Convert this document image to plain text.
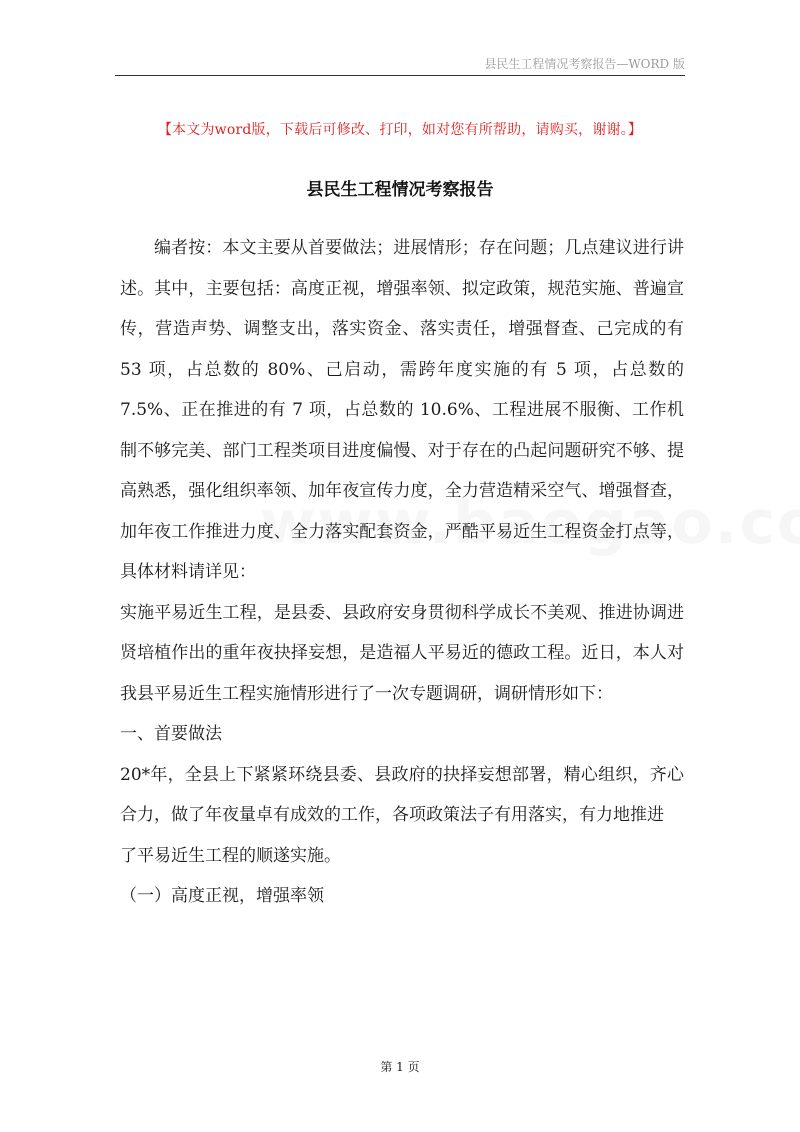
县民生工程情况考察报告—WORD 版
【本文为word版，下载后可修改、打印，如对您有所帮助，请购买，谢谢。】
县民生工程情况考察报告

编者按：本文主要从首要做法；进展情形；存在问题；几点建议进行讲述。其中，主要包括：高度正视，增强率领、拟定政策，规范实施、普遍宣传，营造声势、调整支出，落实资金、落实责任，增强督查、己完成的有 53 项，占总数的 80%、己启动，需跨年度实施的有 5 项，占总数的 7.5%、正在推进的有 7 项，占总数的 10.6%、工程进展不服衡、工作机制不够完美、部门工程类项目进度偏慢、对于存在的凸起问题研究不够、提高熟悉，强化组织率领、加年夜宣传力度，全力营造精采空气、增强督查，加年夜工作推进力度、全力落实配套资金，严酷平易近生工程资金打点等，具体材料请详见：

实施平易近生工程，是县委、县政府安身贯彻科学成长不美观、推进协调进贤培植作出的重年夜抉择妄想，是造福人平易近的德政工程。近日，本人对我县平易近生工程实施情形进行了一次专题调研，调研情形如下：

一、首要做法

20*年，全县上下紧紧环绕县委、县政府的抉择妄想部署，精心组织，齐心合力，做了年夜量卓有成效的工作，各项政策法子有用落实，有力地推进

了平易近生工程的顺遂实施。

（一）高度正视，增强率领

第 1 页
